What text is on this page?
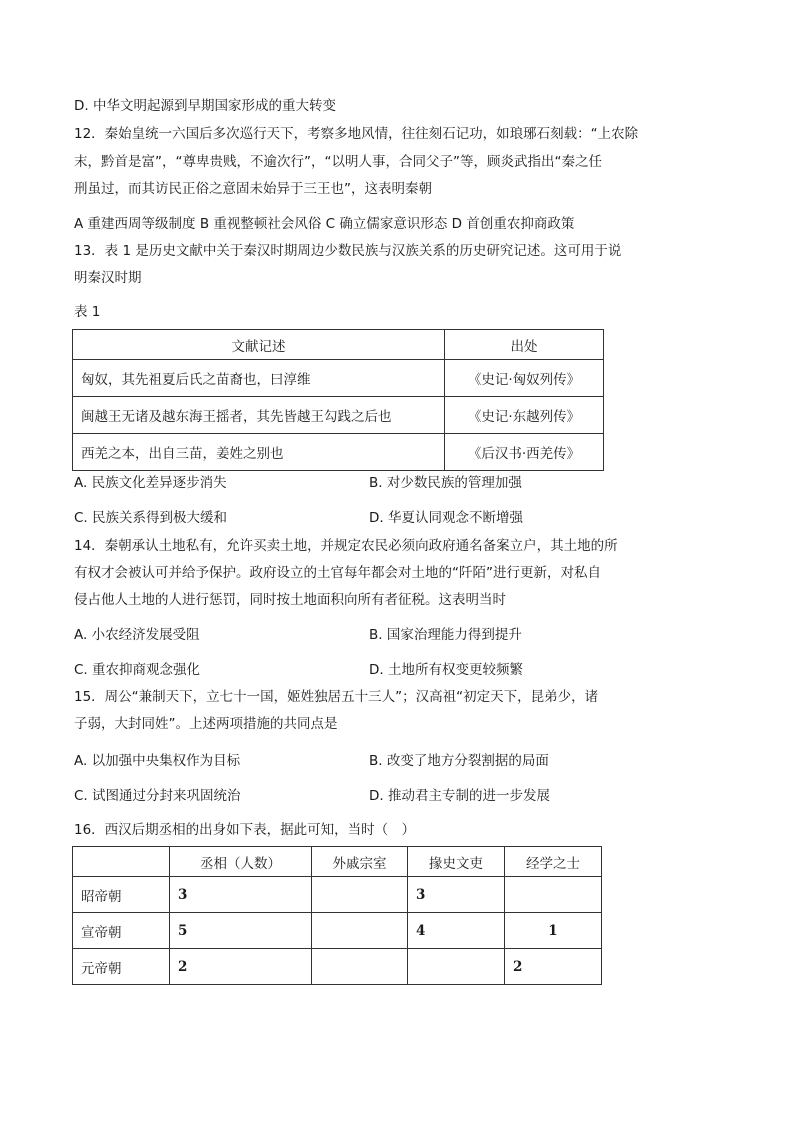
D. 中华文明起源到早期国家形成的重大转变
12．秦始皇统一六国后多次巡行天下，考察多地风情，往往刻石记功，如琅琊石刻载：“上农除
末，黔首是富”，“尊卑贵贱，不逾次行”，“以明人事，合同父子”等，顾炎武指出“秦之任
刑虽过，而其访民正俗之意固未始异于三王也”，这表明秦朝
A 重建西周等级制度 B 重视整顿社会风俗 C 确立儒家意识形态 D 首创重农抑商政策
13．表 1 是历史文献中关于秦汉时期周边少数民族与汉族关系的历史研究记述。这可用于说
明秦汉时期
表 1
文献记述	出处
匈奴，其先祖夏后氏之苗裔也，曰淳维	《史记·匈奴列传》
闽越王无诸及越东海王摇者，其先皆越王勾践之后也	《史记·东越列传》
西羌之本，出自三苗，姜姓之别也	《后汉书·西羌传》
A. 民族文化差异逐步消失	B. 对少数民族的管理加强
C. 民族关系得到极大缓和	D. 华夏认同观念不断增强
14．秦朝承认土地私有，允许买卖土地，并规定农民必须向政府通名备案立户，其土地的所
有权才会被认可并给予保护。政府设立的土官每年都会对土地的“阡陌”进行更新，对私自
侵占他人土地的人进行惩罚，同时按土地面积向所有者征税。这表明当时
A. 小农经济发展受阻	B. 国家治理能力得到提升
C. 重农抑商观念强化	D. 土地所有权变更较频繁
15．周公“兼制天下，立七十一国，姬姓独居五十三人”；汉高祖“初定天下，昆弟少，诸
子弱，大封同姓”。上述两项措施的共同点是
A. 以加强中央集权作为目标	B. 改变了地方分裂割据的局面
C. 试图通过分封来巩固统治	D. 推动君主专制的进一步发展
16．西汉后期丞相的出身如下表，据此可知，当时（　）
	丞相（人数）	外戚宗室	掾史文吏	经学之士
昭帝朝	3		3	
宣帝朝	5		4	1
元帝朝	2			2
